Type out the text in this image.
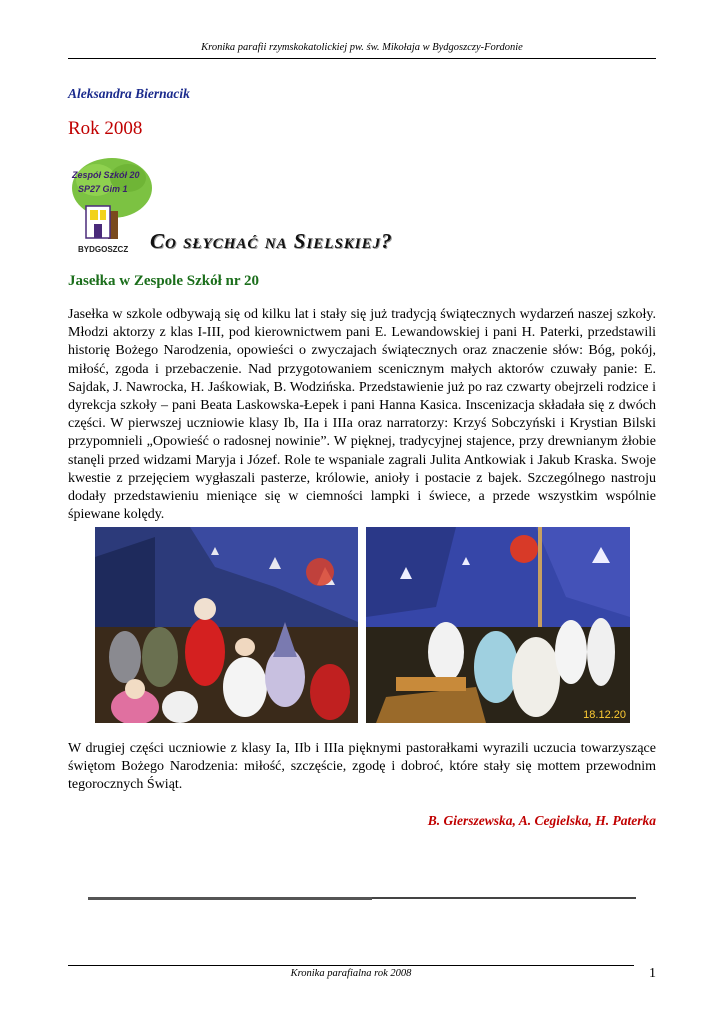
Kronika parafii rzymskokatolickiej pw. św. Mikołaja w Bydgoszczy-Fordonie
Aleksandra Biernacik
Rok 2008
Zespół Szkół 20
SP27 Gim 1
BYDGOSZCZ Co słychać na Sielskiej?
Jasełka w Zespole Szkół nr 20
Jasełka w szkole odbywają się od kilku lat i stały się już tradycją świątecznych wydarzeń naszej szkoły. Młodzi aktorzy z klas I-III, pod kierownictwem pani E. Lewandowskiej i pani H. Paterki, przedstawili historię Bożego Narodzenia, opowieści o zwyczajach świątecznych oraz znaczenie słów: Bóg, pokój, miłość, zgoda i przebaczenie. Nad przygotowaniem scenicznym małych aktorów czuwały panie: E. Sajdak, J. Nawrocka, H. Jaśkowiak, B. Wodzińska. Przedstawienie już po raz czwarty obejrzeli rodzice i dyrekcja szkoły – pani Beata Laskowska-Łepek i pani Hanna Kasica. Inscenizacja składała się z dwóch części. W pierwszej uczniowie klasy Ib, IIa i IIIa oraz narratorzy: Krzyś Sobczyński i Krystian Bilski przypomnieli „Opowieść o radosnej nowinie”. W pięknej, tradycyjnej stajence, przy drewnianym żłobie stanęli przed widzami Maryja i Józef. Role te wspaniale zagrali Julita Antkowiak i Jakub Kraska. Swoje kwestie z przejęciem wygłaszali pasterze, królowie, anioły i postacie z bajek. Szczególnego nastroju dodały przedstawieniu mieniące się w ciemności lampki i świece, a przede wszystkim wspólnie śpiewane kolędy.
18.12.20
W drugiej części uczniowie z klasy Ia, IIb i IIIa pięknymi pastorałkami wyrazili uczucia towarzyszące świętom Bożego Narodzenia: miłość, szczęście, zgodę i dobroć, które stały się mottem przewodnim tegorocznych Świąt.
B. Gierszewska, A. Cegielska, H. Paterka
Kronika parafialna rok 2008	1
